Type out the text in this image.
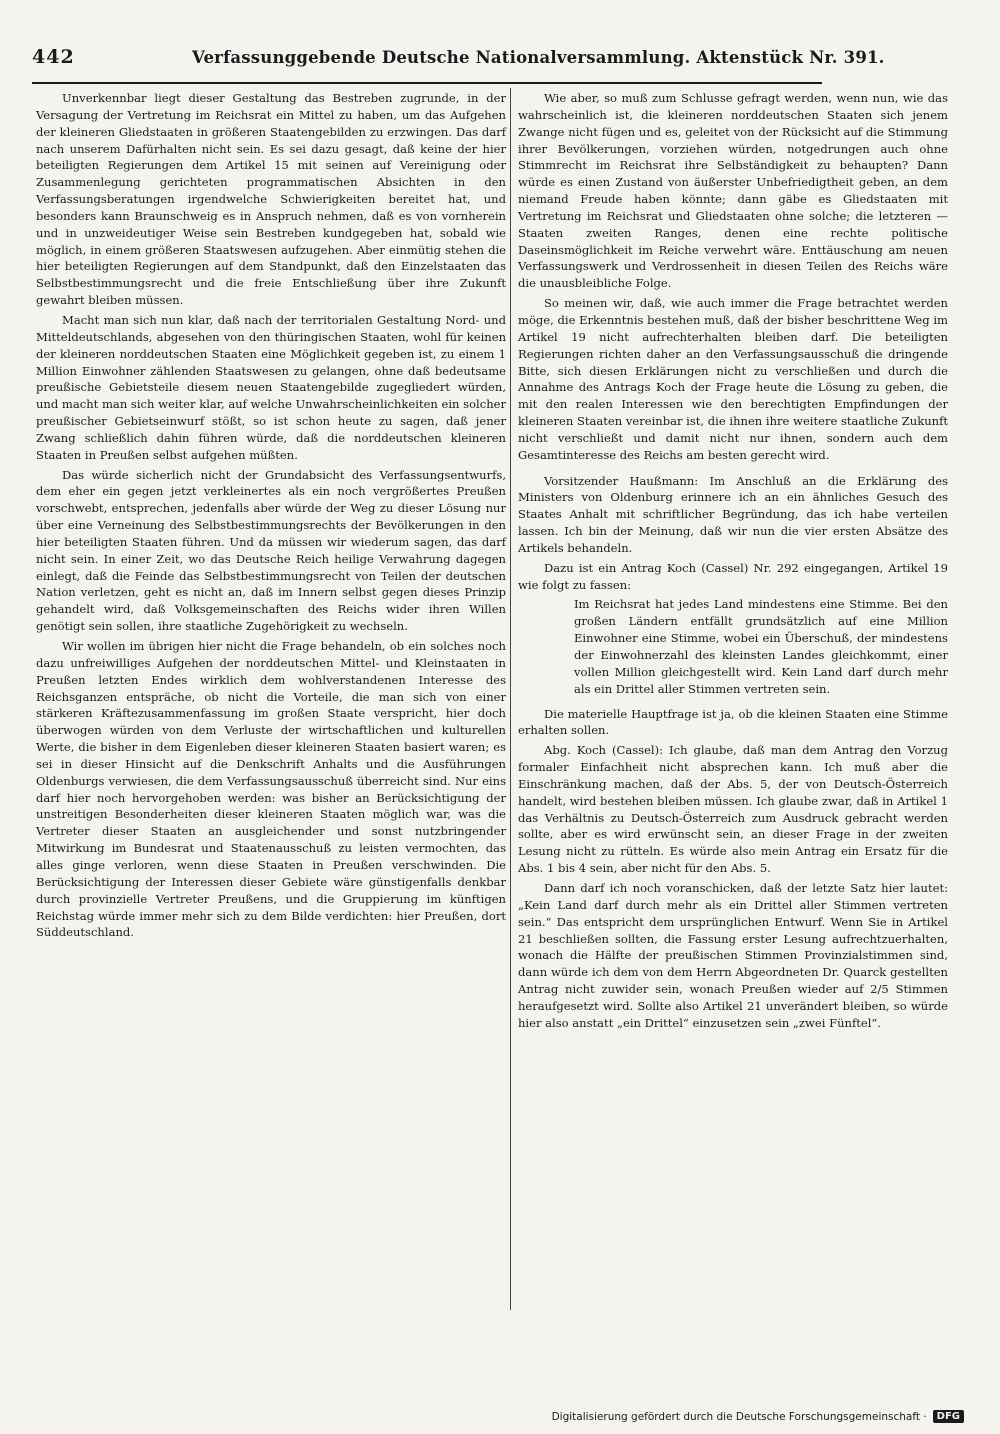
442	Verfassunggebende Deutsche Nationalversammlung. Aktenstück Nr. 391.

Unverkennbar liegt dieser Gestaltung das Bestreben zugrunde, in der Versagung der Vertretung im Reichsrat ein Mittel zu haben, um das Aufgehen der kleineren Gliedstaaten in größeren Staatengebilden zu erzwingen. Das darf nach unserem Dafürhalten nicht sein. Es sei dazu gesagt, daß keine der hier beteiligten Regierungen dem Artikel 15 mit seinen auf Vereinigung oder Zusammenlegung gerichteten programmatischen Absichten in den Verfassungsberatungen irgendwelche Schwierigkeiten bereitet hat, und besonders kann Braunschweig es in Anspruch nehmen, daß es von vornherein und in unzweideutiger Weise sein Bestreben kundgegeben hat, sobald wie möglich, in einem größeren Staatswesen aufzugehen. Aber einmütig stehen die hier beteiligten Regierungen auf dem Standpunkt, daß den Einzelstaaten das Selbstbestimmungsrecht und die freie Entschließung über ihre Zukunft gewahrt bleiben müssen.

Macht man sich nun klar, daß nach der territorialen Gestaltung Nord- und Mitteldeutschlands, abgesehen von den thüringischen Staaten, wohl für keinen der kleineren norddeutschen Staaten eine Möglichkeit gegeben ist, zu einem 1 Million Einwohner zählenden Staatswesen zu gelangen, ohne daß bedeutsame preußische Gebietsteile diesem neuen Staatengebilde zugegliedert würden, und macht man sich weiter klar, auf welche Unwahrscheinlichkeiten ein solcher preußischer Gebietseinwurf stößt, so ist schon heute zu sagen, daß jener Zwang schließlich dahin führen würde, daß die norddeutschen kleineren Staaten in Preußen selbst aufgehen müßten.

Das würde sicherlich nicht der Grundabsicht des Verfassungsentwurfs, dem eher ein gegen jetzt verkleinertes als ein noch vergrößertes Preußen vorschwebt, entsprechen, jedenfalls aber würde der Weg zu dieser Lösung nur über eine Verneinung des Selbstbestimmungsrechts der Bevölkerungen in den hier beteiligten Staaten führen. Und da müssen wir wiederum sagen, das darf nicht sein. In einer Zeit, wo das Deutsche Reich heilige Verwahrung dagegen einlegt, daß die Feinde das Selbstbestimmungsrecht von Teilen der deutschen Nation verletzen, geht es nicht an, daß im Innern selbst gegen dieses Prinzip gehandelt wird, daß Volksgemeinschaften des Reichs wider ihren Willen genötigt sein sollen, ihre staatliche Zugehörigkeit zu wechseln.

Wir wollen im übrigen hier nicht die Frage behandeln, ob ein solches noch dazu unfreiwilliges Aufgehen der norddeutschen Mittel- und Kleinstaaten in Preußen letzten Endes wirklich dem wohlverstandenen Interesse des Reichsganzen entspräche, ob nicht die Vorteile, die man sich von einer stärkeren Kräftezusammenfassung im großen Staate verspricht, hier doch überwogen würden von dem Verluste der wirtschaftlichen und kulturellen Werte, die bisher in dem Eigenleben dieser kleineren Staaten basiert waren; es sei in dieser Hinsicht auf die Denkschrift Anhalts und die Ausführungen Oldenburgs verwiesen, die dem Verfassungsausschuß überreicht sind. Nur eins darf hier noch hervorgehoben werden: was bisher an Berücksichtigung der unstreitigen Besonderheiten dieser kleineren Staaten möglich war, was die Vertreter dieser Staaten an ausgleichender und sonst nutzbringender Mitwirkung im Bundesrat und Staatenausschuß zu leisten vermochten, das alles ginge verloren, wenn diese Staaten in Preußen verschwinden. Die Berücksichtigung der Interessen dieser Gebiete wäre günstigenfalls denkbar durch provinzielle Vertreter Preußens, und die Gruppierung im künftigen Reichstag würde immer mehr sich zu dem Bilde verdichten: hier Preußen, dort Süddeutschland.

Wie aber, so muß zum Schlusse gefragt werden, wenn nun, wie das wahrscheinlich ist, die kleineren norddeutschen Staaten sich jenem Zwange nicht fügen und es, geleitet von der Rücksicht auf die Stimmung ihrer Bevölkerungen, vorziehen würden, notgedrungen auch ohne Stimmrecht im Reichsrat ihre Selbständigkeit zu behaupten? Dann würde es einen Zustand von äußerster Unbefriedigtheit geben, an dem niemand Freude haben könnte; dann gäbe es Gliedstaaten mit Vertretung im Reichsrat und Gliedstaaten ohne solche; die letzteren — Staaten zweiten Ranges, denen eine rechte politische Daseinsmöglichkeit im Reiche verwehrt wäre. Enttäuschung am neuen Verfassungswerk und Verdrossenheit in diesen Teilen des Reichs wäre die unausbleibliche Folge.

So meinen wir, daß, wie auch immer die Frage betrachtet werden möge, die Erkenntnis bestehen muß, daß der bisher beschrittene Weg im Artikel 19 nicht aufrechterhalten bleiben darf. Die beteiligten Regierungen richten daher an den Verfassungsausschuß die dringende Bitte, sich diesen Erklärungen nicht zu verschließen und durch die Annahme des Antrags Koch der Frage heute die Lösung zu geben, die mit den realen Interessen wie den berechtigten Empfindungen der kleineren Staaten vereinbar ist, die ihnen ihre weitere staatliche Zukunft nicht verschließt und damit nicht nur ihnen, sondern auch dem Gesamtinteresse des Reichs am besten gerecht wird.

Vorsitzender Haußmann: Im Anschluß an die Erklärung des Ministers von Oldenburg erinnere ich an ein ähnliches Gesuch des Staates Anhalt mit schriftlicher Begründung, das ich habe verteilen lassen. Ich bin der Meinung, daß wir nun die vier ersten Absätze des Artikels behandeln.

Dazu ist ein Antrag Koch (Cassel) Nr. 292 eingegangen, Artikel 19 wie folgt zu fassen:

Im Reichsrat hat jedes Land mindestens eine Stimme. Bei den großen Ländern entfällt grundsätzlich auf eine Million Einwohner eine Stimme, wobei ein Überschuß, der mindestens der Einwohnerzahl des kleinsten Landes gleichkommt, einer vollen Million gleichgestellt wird. Kein Land darf durch mehr als ein Drittel aller Stimmen vertreten sein.

Die materielle Hauptfrage ist ja, ob die kleinen Staaten eine Stimme erhalten sollen.

Abg. Koch (Cassel): Ich glaube, daß man dem Antrag den Vorzug formaler Einfachheit nicht absprechen kann. Ich muß aber die Einschränkung machen, daß der Abs. 5, der von Deutsch-Österreich handelt, wird bestehen bleiben müssen. Ich glaube zwar, daß in Artikel 1 das Verhältnis zu Deutsch-Österreich zum Ausdruck gebracht werden sollte, aber es wird erwünscht sein, an dieser Frage in der zweiten Lesung nicht zu rütteln. Es würde also mein Antrag ein Ersatz für die Abs. 1 bis 4 sein, aber nicht für den Abs. 5.

Dann darf ich noch voranschicken, daß der letzte Satz hier lautet: „Kein Land darf durch mehr als ein Drittel aller Stimmen vertreten sein.“ Das entspricht dem ursprünglichen Entwurf. Wenn Sie in Artikel 21 beschließen sollten, die Fassung erster Lesung aufrechtzuerhalten, wonach die Hälfte der preußischen Stimmen Provinzialstimmen sind, dann würde ich dem von dem Herrn Abgeordneten Dr. Quarck gestellten Antrag nicht zuwider sein, wonach Preußen wieder auf 2/5 Stimmen heraufgesetzt wird. Sollte also Artikel 21 unverändert bleiben, so würde hier also anstatt „ein Drittel“ einzusetzen sein „zwei Fünftel“.

Digitalisierung gefördert durch die Deutsche Forschungsgemeinschaft ·	DFG
